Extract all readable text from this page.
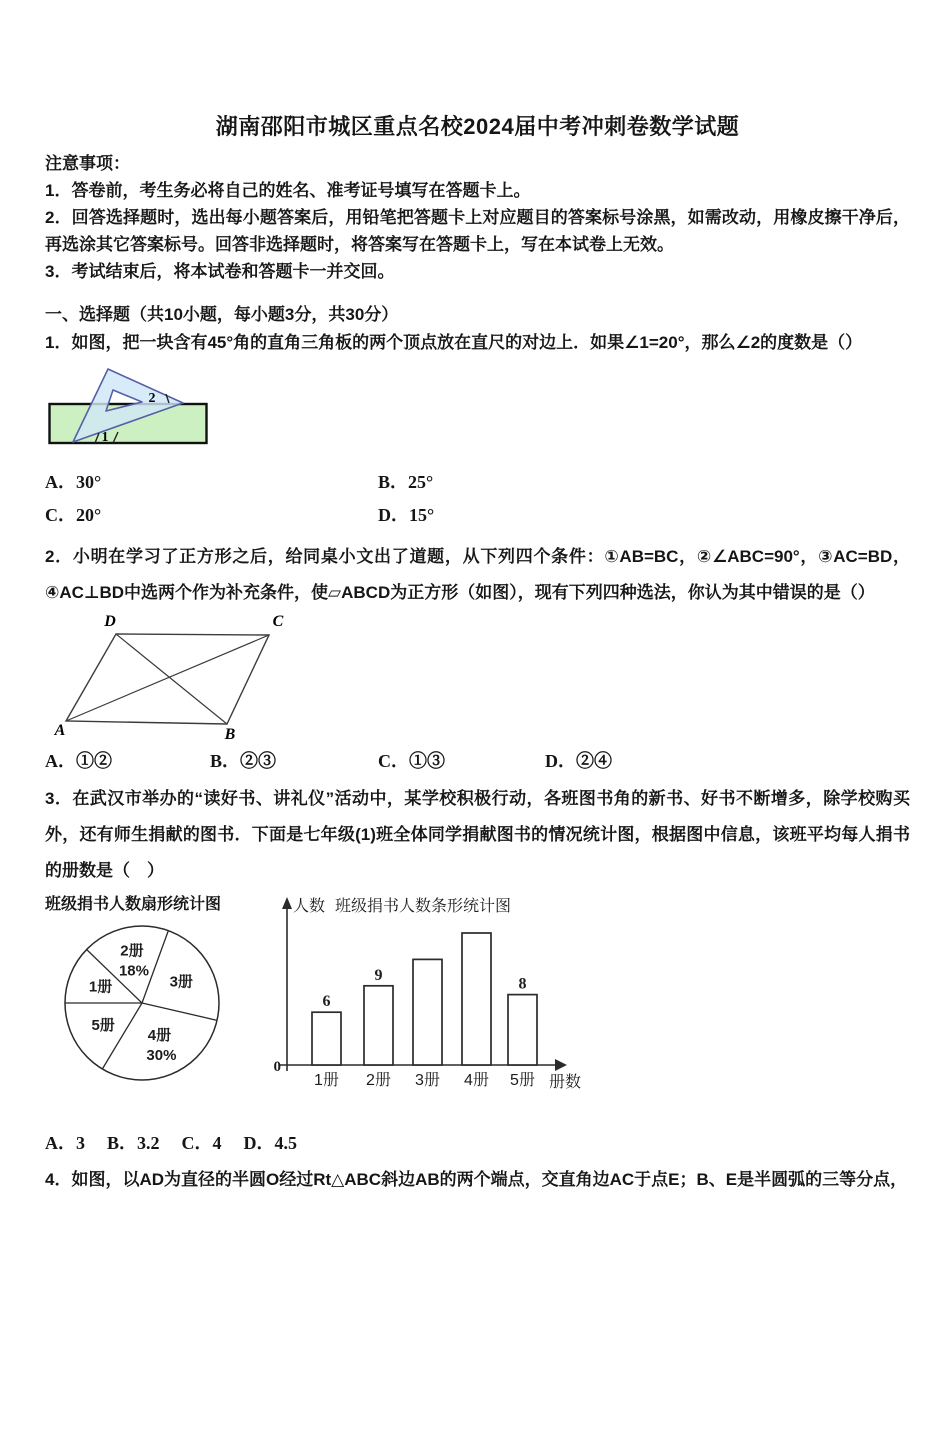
湖南邵阳市城区重点名校2024届中考冲刺卷数学试题
注意事项：

1．答卷前，考生务必将自己的姓名、准考证号填写在答题卡上。

2．回答选择题时，选出每小题答案后，用铅笔把答题卡上对应题目的答案标号涂黑，如需改动，用橡皮擦干净后，再选涂其它答案标号。回答非选择题时，将答案写在答题卡上，写在本试卷上无效。

3．考试结束后，将本试卷和答题卡一并交回。

一、选择题（共10小题，每小题3分，共30分）

1．如图，把一块含有45°角的直角三角板的两个顶点放在直尺的对边上．如果∠1=20°，那么∠2的度数是（）

2
1
A．30°	B．25°
C．20°	D．15°

2．小明在学习了正方形之后，给同桌小文出了道题，从下列四个条件：①AB=BC，②∠ABC=90°，③AC=BD，④AC⊥BD中选两个作为补充条件，使▱ABCD为正方形（如图），现有下列四种选法，你认为其中错误的是（）

D	C
A	B
A．①②	B．②③	C．①③	D．②④

3．在武汉市举办的“读好书、讲礼仪”活动中，某学校积极行动，各班图书角的新书、好书不断增多，除学校购买外，还有师生捐献的图书．下面是七年级(1)班全体同学捐献图书的情况统计图，根据图中信息，该班平均每人捐书的册数是（　）

班级捐书人数扇形统计图
2册
18%
3册
1册
5册
4册
30%
0
人数 班级捐书人数条形统计图
册数
6
1册
9
2册 3册 4册
8
5册
A．3 B．3.2 C．4 D．4.5

4．如图，以AD为直径的半圆O经过Rt△ABC斜边AB的两个端点，交直角边AC于点E；B、E是半圆弧的三等分点，
